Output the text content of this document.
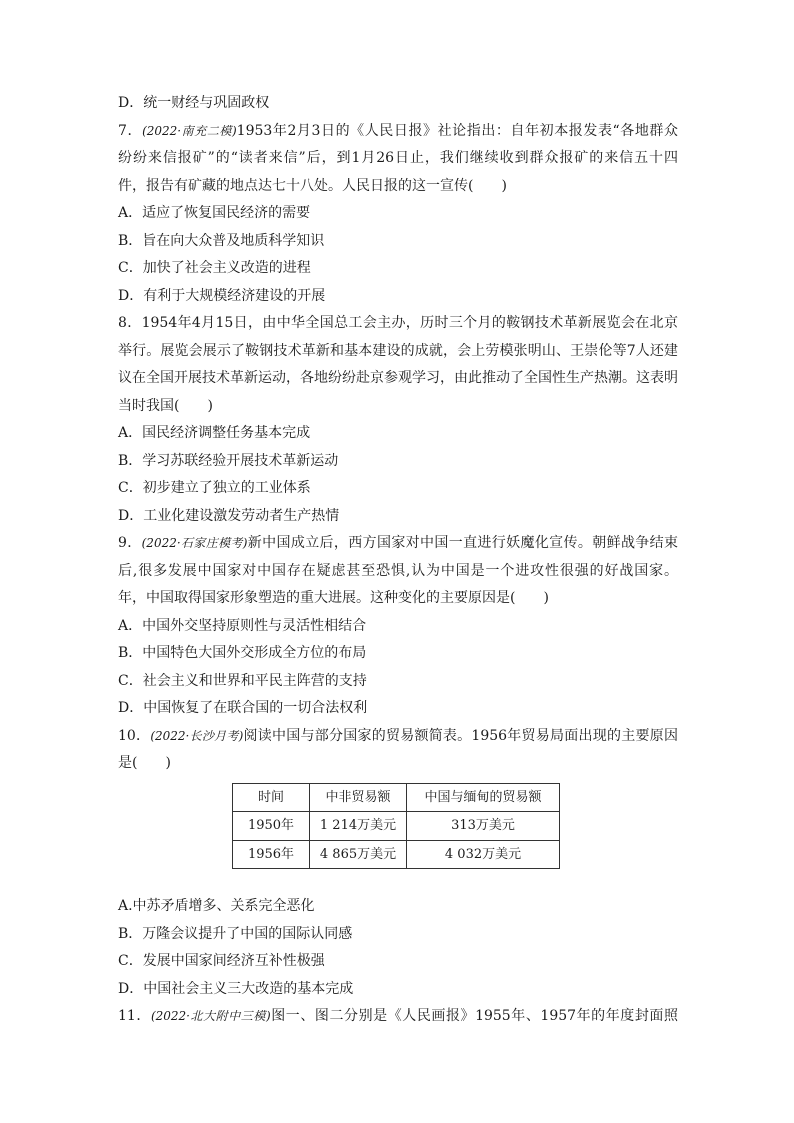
D．统一财经与巩固政权
7．(2022·南充二模)1953年2月3日的《人民日报》社论指出：自年初本报发表“各地群众
纷纷来信报矿”的“读者来信”后，到1月26日止，我们继续收到群众报矿的来信五十四
件，报告有矿藏的地点达七十八处。人民日报的这一宣传(　　)
A．适应了恢复国民经济的需要
B．旨在向大众普及地质科学知识
C．加快了社会主义改造的进程
D．有利于大规模经济建设的开展
8．1954年4月15日，由中华全国总工会主办，历时三个月的鞍钢技术革新展览会在北京
举行。展览会展示了鞍钢技术革新和基本建设的成就，会上劳模张明山、王崇伦等7人还建
议在全国开展技术革新运动，各地纷纷赴京参观学习，由此推动了全国性生产热潮。这表明
当时我国(　　)
A．国民经济调整任务基本完成
B．学习苏联经验开展技术革新运动
C．初步建立了独立的工业体系
D．工业化建设激发劳动者生产热情
9．(2022·石家庄模考)新中国成立后，西方国家对中国一直进行妖魔化宣传。朝鲜战争结束
后,很多发展中国家对中国存在疑虑甚至恐惧,认为中国是一个进攻性很强的好战国家。
年，中国取得国家形象塑造的重大进展。这种变化的主要原因是(　　)
A．中国外交坚持原则性与灵活性相结合
B．中国特色大国外交形成全方位的布局
C．社会主义和世界和平民主阵营的支持
D．中国恢复了在联合国的一切合法权利
10．(2022·长沙月考)阅读中国与部分国家的贸易额简表。1956年贸易局面出现的主要原因
是(　　)
时间	中非贸易额	中国与缅甸的贸易额
1950年	1 214万美元	313万美元
1956年	4 865万美元	4 032万美元
A.中苏矛盾增多、关系完全恶化
B．万隆会议提升了中国的国际认同感
C．发展中国家间经济互补性极强
D．中国社会主义三大改造的基本完成
11．(2022·北大附中三模)图一、图二分别是《人民画报》1955年、1957年的年度封面照
